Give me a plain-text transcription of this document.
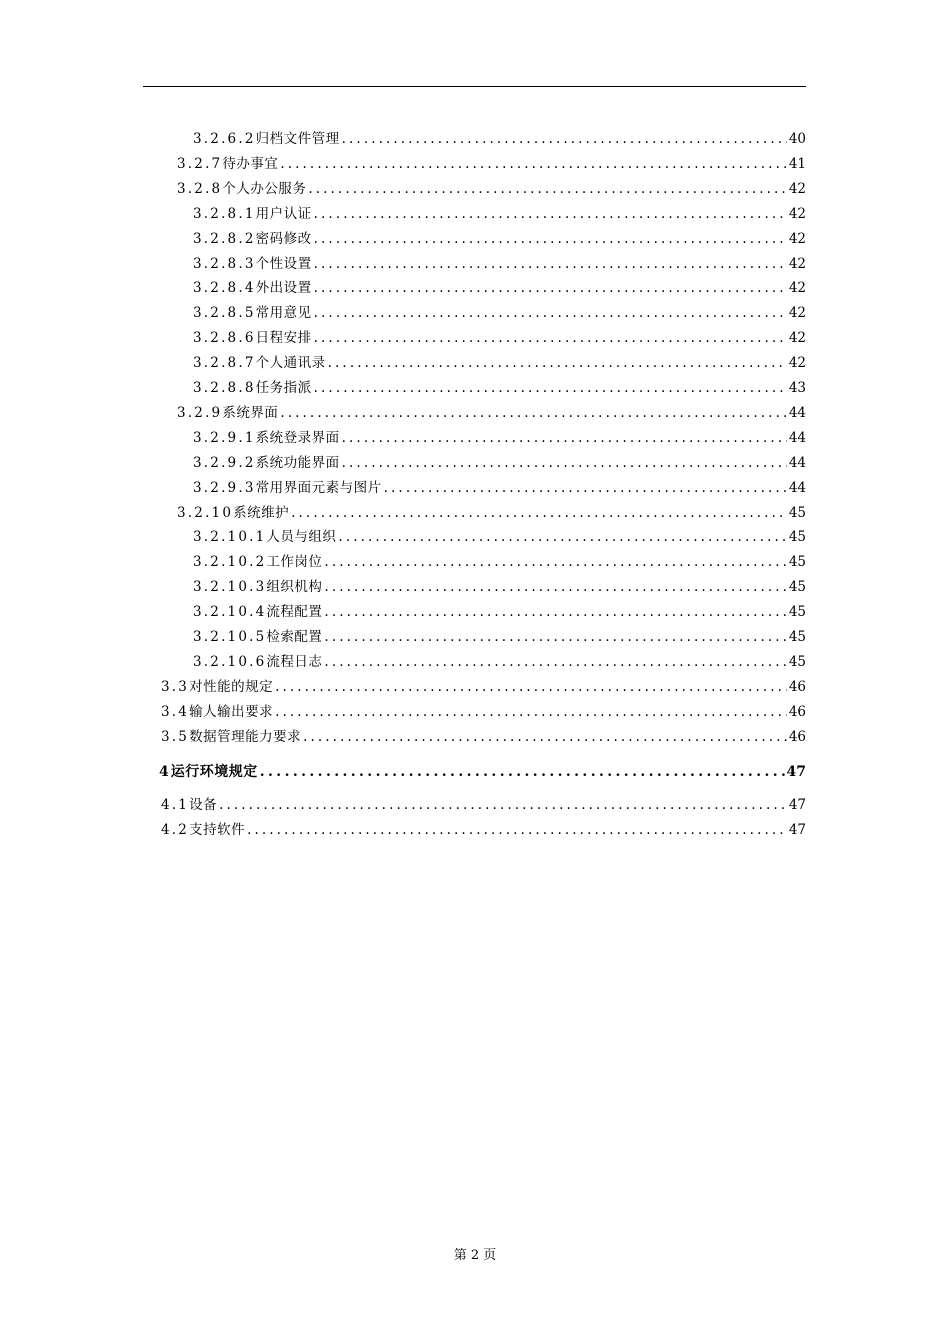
3.2.6.2 归档文件管理 .....	40
3.2.7 待办事宜 .....	41
3.2.8 个人办公服务 .....	42
3.2.8.1 用户认证 .....	42
3.2.8.2 密码修改 .....	42
3.2.8.3 个性设置 .....	42
3.2.8.4 外出设置 .....	42
3.2.8.5 常用意见 .....	42
3.2.8.6 日程安排 .....	42
3.2.8.7 个人通讯录 .....	42
3.2.8.8 任务指派 .....	43
3.2.9 系统界面 .....	44
3.2.9.1 系统登录界面 .....	44
3.2.9.2 系统功能界面 .....	44
3.2.9.3 常用界面元素与图片 .....	44
3.2.10 系统维护 .....	45
3.2.10.1 人员与组织 .....	45
3.2.10.2 工作岗位 .....	45
3.2.10.3 组织机构 .....	45
3.2.10.4 流程配置 .....	45
3.2.10.5 检索配置 .....	45
3.2.10.6 流程日志 .....	45
3.3 对性能的规定 .....	46
3.4 输人输出要求 .....	46
3.5 数据管理能力要求 .....	46
4 运行环境规定 .....	47
4.1 设备 .....	47
4.2 支持软件 .....	47
第 2 页
